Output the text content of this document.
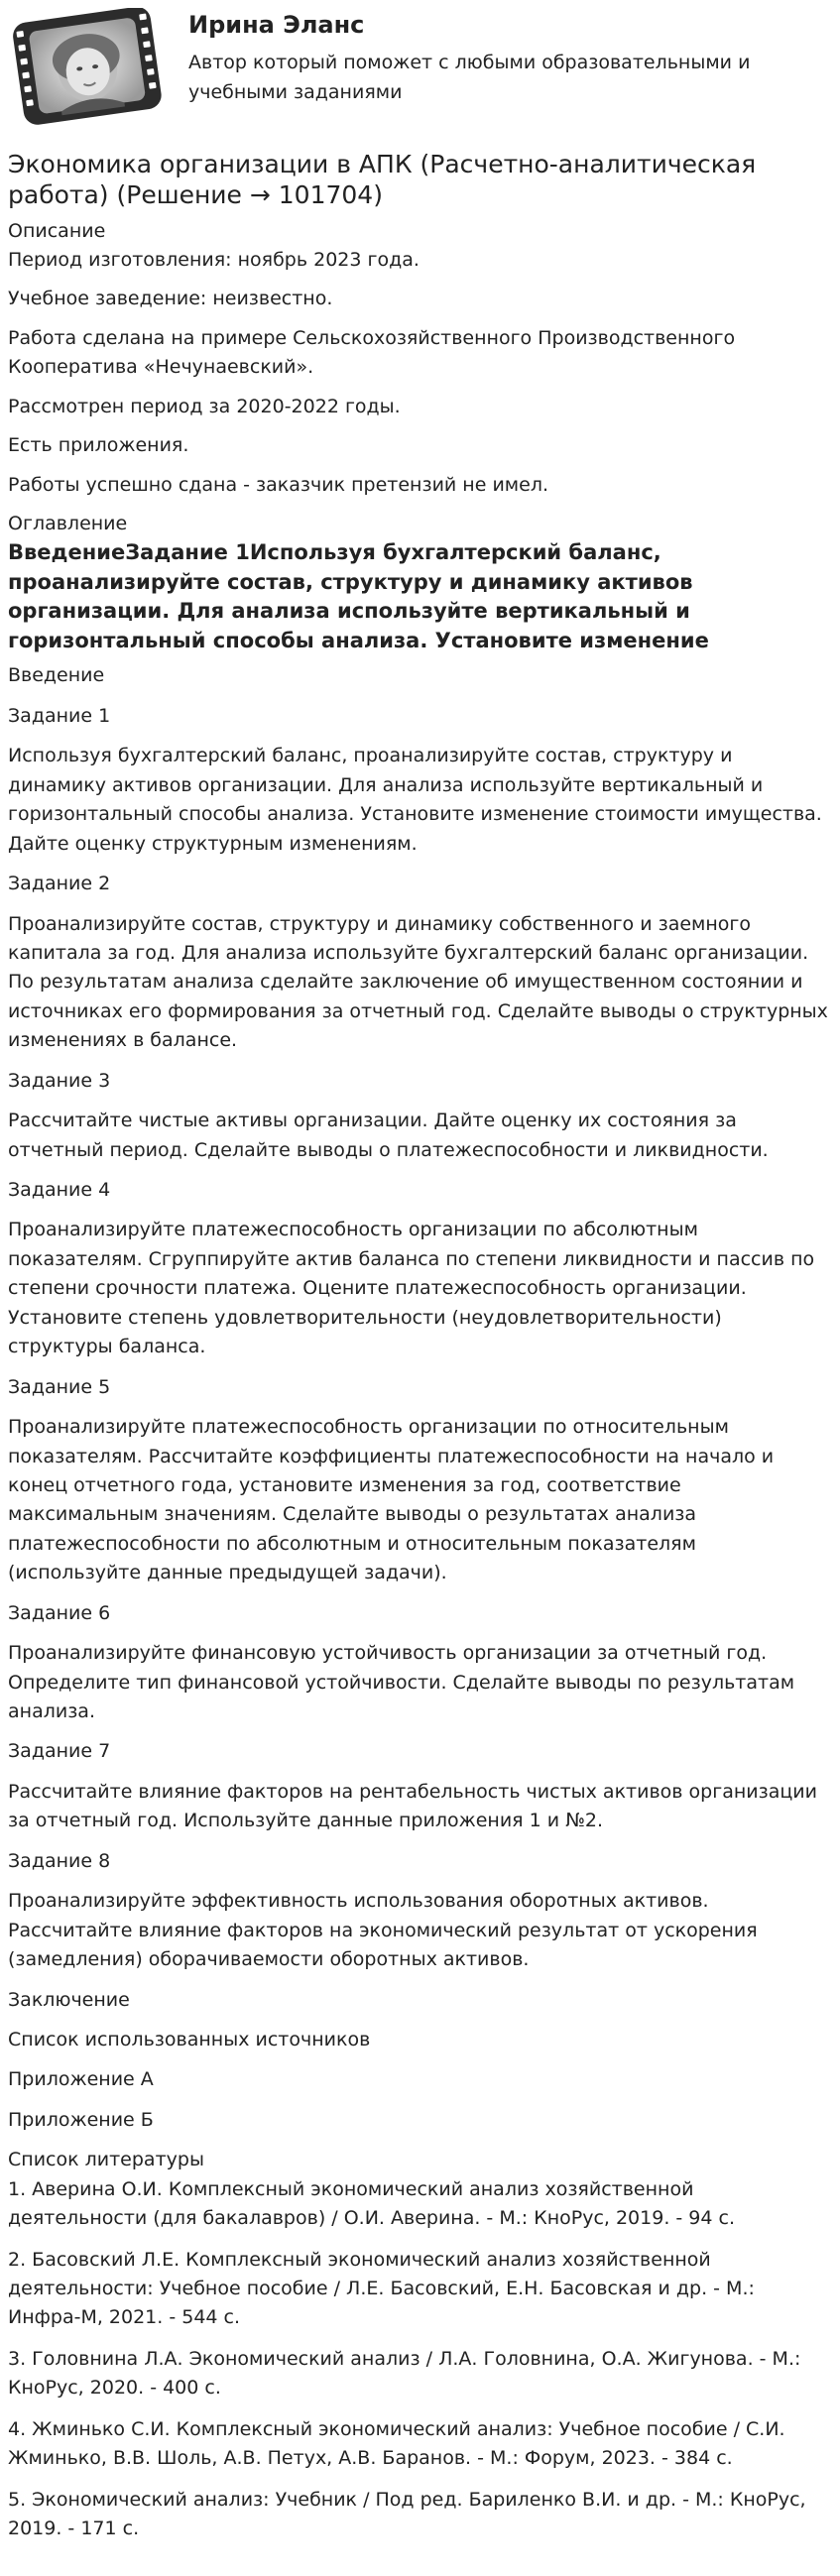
Ирина Эланс
Автор который поможет с любыми образовательными и учебными заданиями
Экономика организации в АПК (Расчетно-аналитическая работа) (Решение → 101704)
Описание

Период изготовления: ноябрь 2023 года.

Учебное заведение: неизвестно.

Работа сделана на примере Сельскохозяйственного Производственного Кооператива «Нечунаевский».

Рассмотрен период за 2020-2022 годы.

Есть приложения.

Работы успешно сдана - заказчик претензий не имел.

Оглавление
ВведениеЗадание 1Используя бухгалтерский баланс, проанализируйте состав, структуру и динамику активов организации. Для анализа используйте вертикальный и горизонтальный способы анализа. Установите изменение
Введение
Задание 1
Используя бухгалтерский баланс, проанализируйте состав, структуру и динамику активов организации. Для анализа используйте вертикальный и горизонтальный способы анализа. Установите изменение стоимости имущества. Дайте оценку структурным изменениям.
Задание 2
Проанализируйте состав, структуру и динамику собственного и заемного капитала за год. Для анализа используйте бухгалтерский баланс организации. По результатам анализа сделайте заключение об имущественном состоянии и источниках его формирования за отчетный год. Сделайте выводы о структурных изменениях в балансе.
Задание 3
Рассчитайте чистые активы организации. Дайте оценку их состояния за отчетный период. Сделайте выводы о платежеспособности и ликвидности.
Задание 4
Проанализируйте платежеспособность организации по абсолютным показателям. Сгруппируйте актив баланса по степени ликвидности и пассив по степени срочности платежа. Оцените платежеспособность организации. Установите степень удовлетворительности (неудовлетворительности) структуры баланса.
Задание 5
Проанализируйте платежеспособность организации по относительным показателям. Рассчитайте коэффициенты платежеспособности на начало и конец отчетного года, установите изменения за год, соответствие максимальным значениям. Сделайте выводы о результатах анализа платежеспособности по абсолютным и относительным показателям (используйте данные предыдущей задачи).
Задание 6
Проанализируйте финансовую устойчивость организации за отчетный год. Определите тип финансовой устойчивости. Сделайте выводы по результатам анализа.
Задание 7
Рассчитайте влияние факторов на рентабельность чистых активов организации за отчетный год. Используйте данные приложения 1 и №2.
Задание 8
Проанализируйте эффективность использования оборотных активов. Рассчитайте влияние факторов на экономический результат от ускорения (замедления) оборачиваемости оборотных активов.
Заключение
Список использованных источников
Приложение А
Приложение Б
Список литературы
1. Аверина О.И. Комплексный экономический анализ хозяйственной деятельности (для бакалавров) / О.И. Аверина. - М.: КноРус, 2019. - 94 с.
2. Басовский Л.Е. Комплексный экономический анализ хозяйственной деятельности: Учебное пособие / Л.Е. Басовский, Е.Н. Басовская и др. - М.: Инфра-М, 2021. - 544 с.
3. Головнина Л.А. Экономический анализ / Л.А. Головнина, О.А. Жигунова. - М.: КноРус, 2020. - 400 с.
4. Жминько С.И. Комплексный экономический анализ: Учебное пособие / С.И. Жминько, В.В. Шоль, А.В. Петух, А.В. Баранов. - М.: Форум, 2023. - 384 с.
5. Экономический анализ: Учебник / Под ред. Бариленко В.И. и др. - М.: КноРус, 2019. - 171 с.
